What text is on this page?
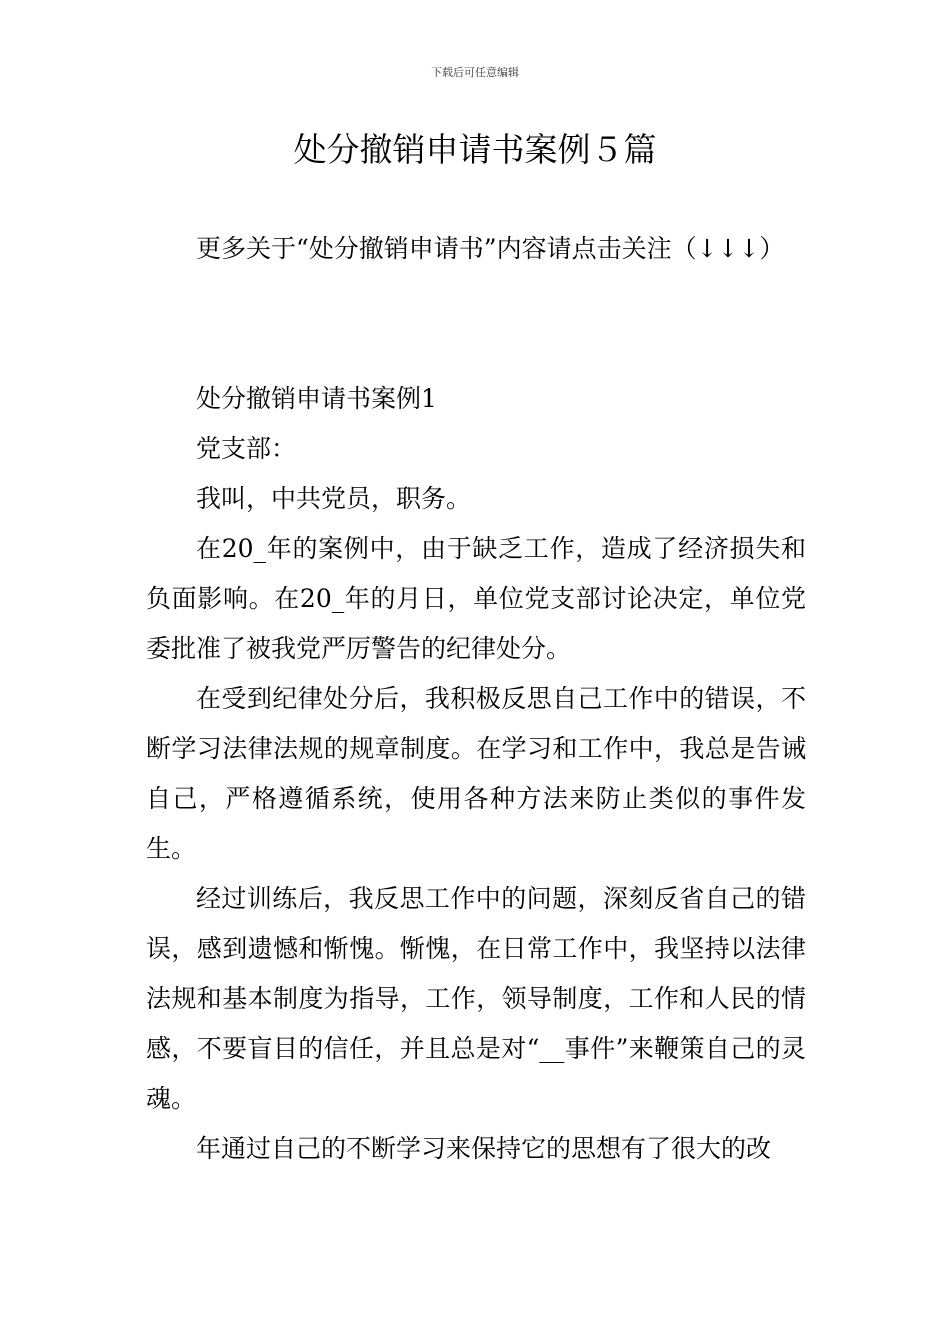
下载后可任意编辑
处分撤销申请书案例５篇

更多关于“处分撤销申请书”内容请点击关注（↓↓↓）

处分撤销申请书案例1

党支部：

我叫，中共党员，职务。

在20_年的案例中，由于缺乏工作，造成了经济损失和负面影响。在20_年的月日，单位党支部讨论决定，单位党委批准了被我党严厉警告的纪律处分。

在受到纪律处分后，我积极反思自己工作中的错误，不断学习法律法规的规章制度。在学习和工作中，我总是告诫自己，严格遵循系统，使用各种方法来防止类似的事件发生。

经过训练后，我反思工作中的问题，深刻反省自己的错误，感到遗憾和惭愧。惭愧，在日常工作中，我坚持以法律法规和基本制度为指导，工作，领导制度，工作和人民的情感，不要盲目的信任，并且总是对“__事件”来鞭策自己的灵魂。

年通过自己的不断学习来保持它的思想有了很大的改
